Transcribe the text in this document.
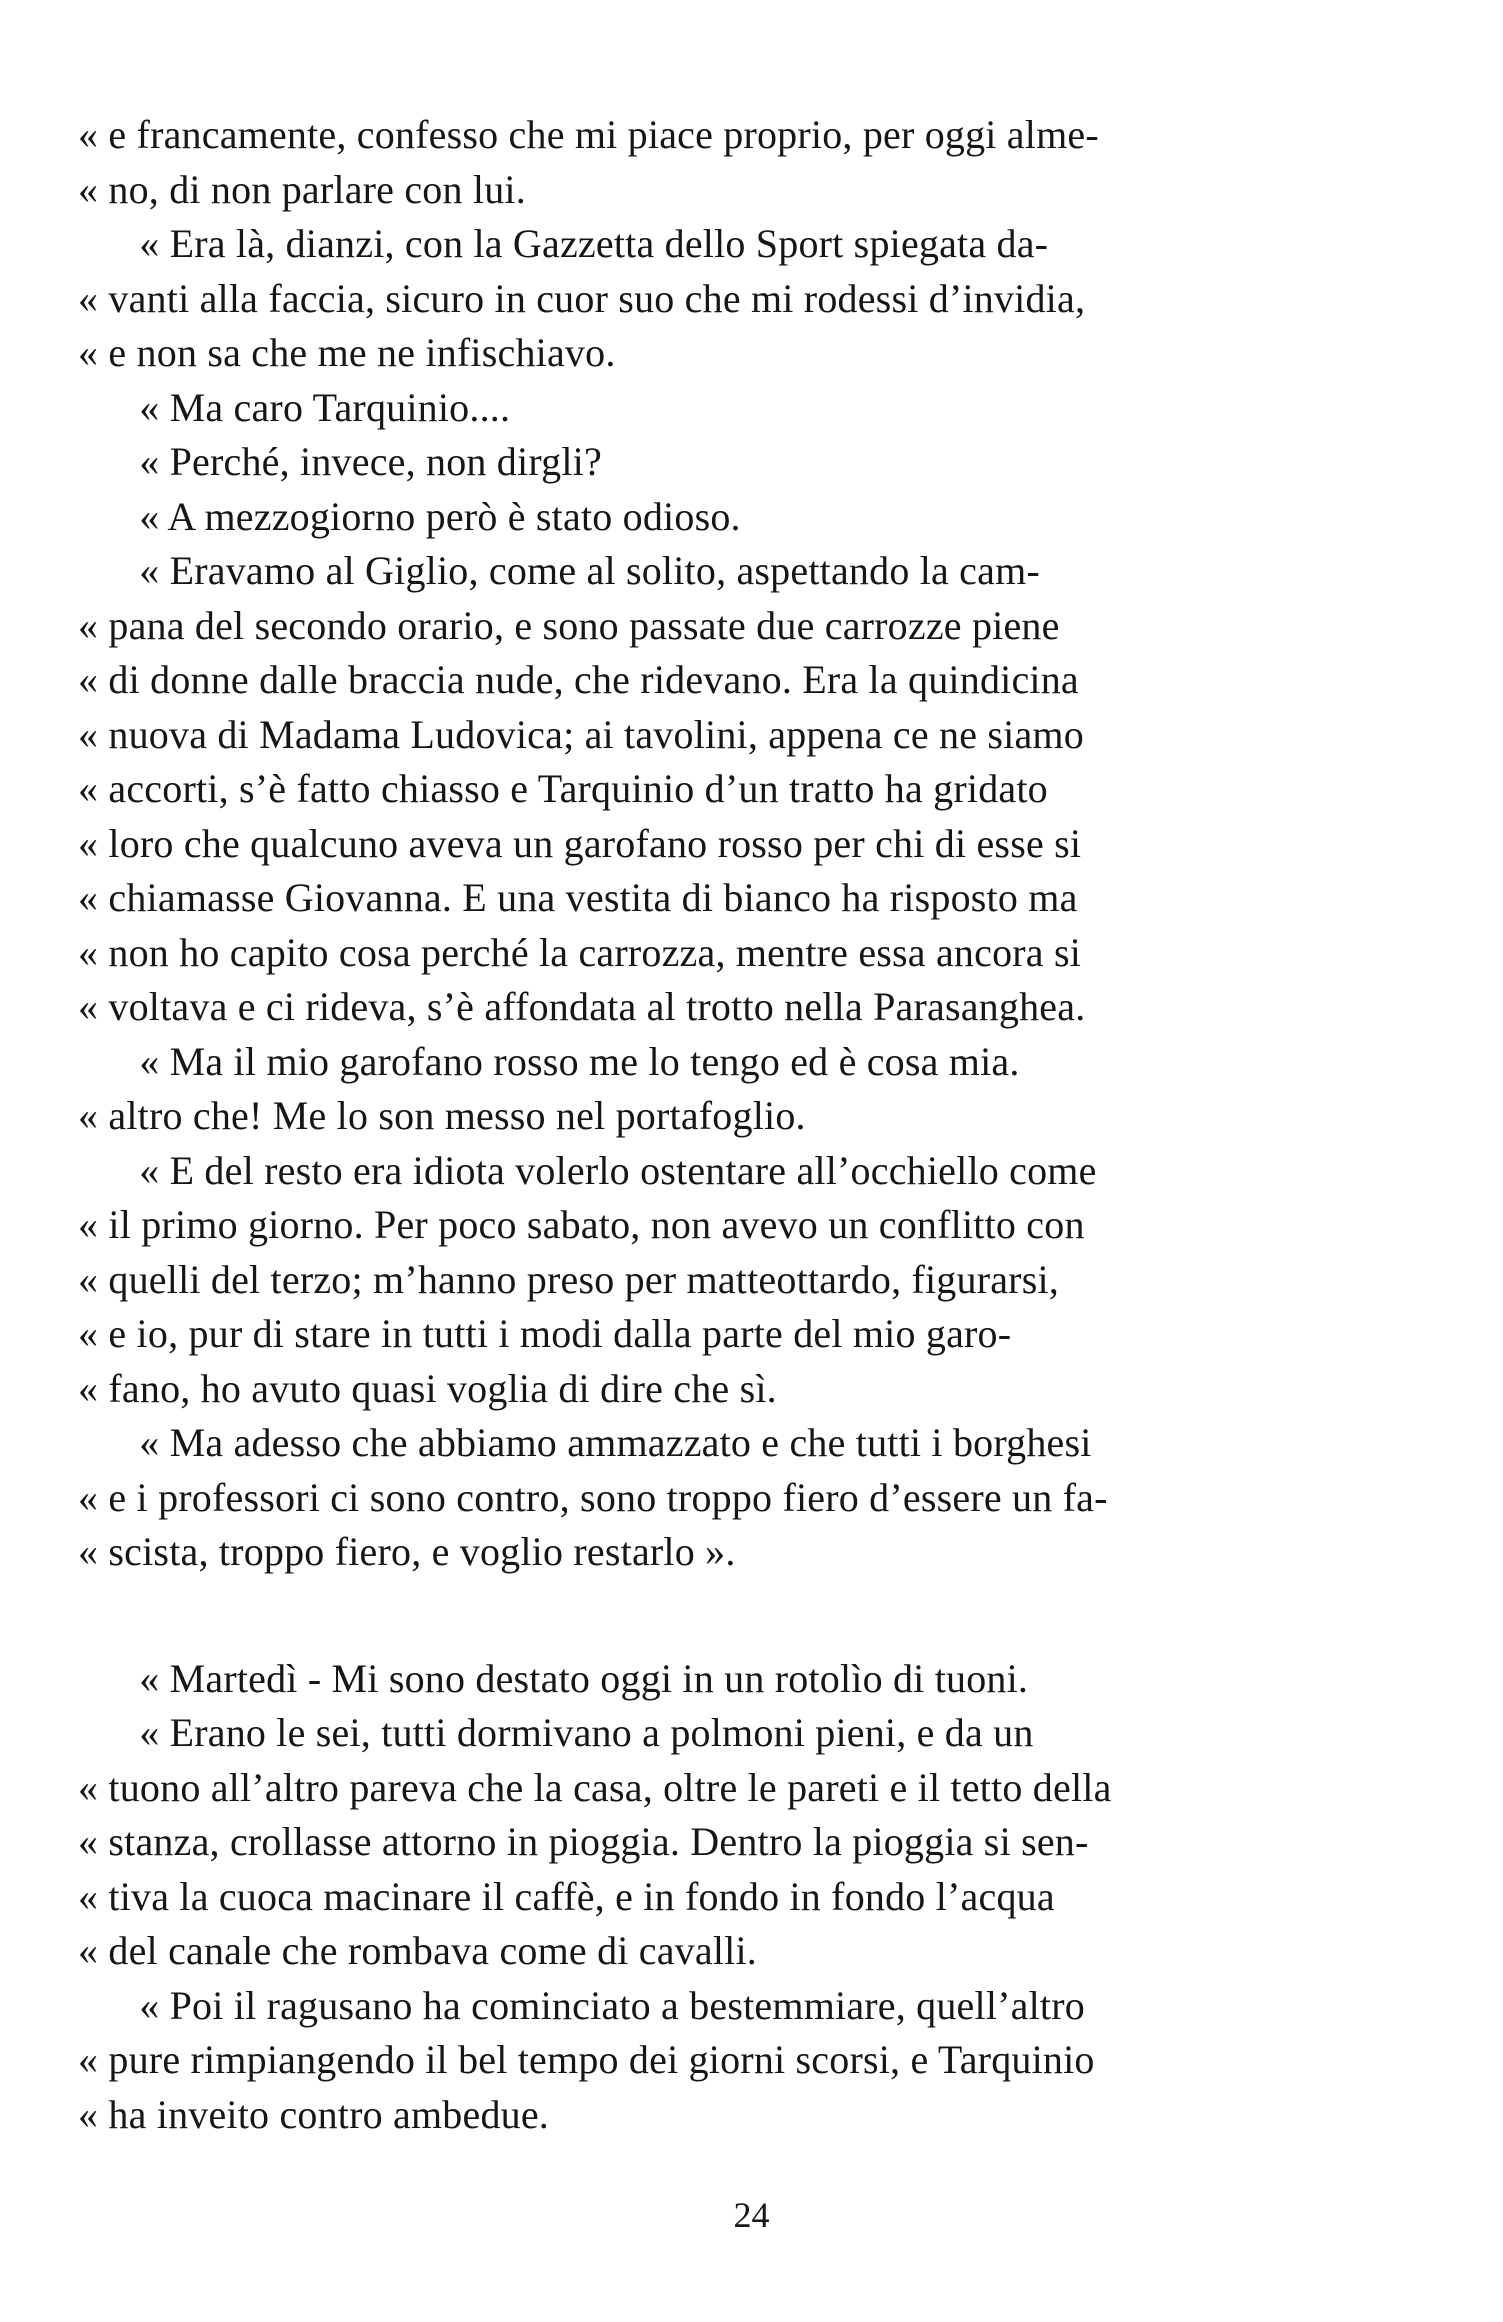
« e francamente, confesso che mi piace proprio, per oggi alme-
« no, di non parlare con lui.
« Era là, dianzi, con la Gazzetta dello Sport spiegata da-
« vanti alla faccia, sicuro in cuor suo che mi rodessi d’invidia,
« e non sa che me ne infischiavo.
« Ma caro Tarquinio....
« Perché, invece, non dirgli?
« A mezzogiorno però è stato odioso.
« Eravamo al Giglio, come al solito, aspettando la cam-
« pana del secondo orario, e sono passate due carrozze piene
« di donne dalle braccia nude, che ridevano. Era la quindicina
« nuova di Madama Ludovica; ai tavolini, appena ce ne siamo
« accorti, s’è fatto chiasso e Tarquinio d’un tratto ha gridato
« loro che qualcuno aveva un garofano rosso per chi di esse si
« chiamasse Giovanna. E una vestita di bianco ha risposto ma
« non ho capito cosa perché la carrozza, mentre essa ancora si
« voltava e ci rideva, s’è affondata al trotto nella Parasanghea.
« Ma il mio garofano rosso me lo tengo ed è cosa mia.
« altro che! Me lo son messo nel portafoglio.
« E del resto era idiota volerlo ostentare all’occhiello come
« il primo giorno. Per poco sabato, non avevo un conflitto con
« quelli del terzo; m’hanno preso per matteottardo, figurarsi,
« e io, pur di stare in tutti i modi dalla parte del mio garo-
« fano, ho avuto quasi voglia di dire che sì.
« Ma adesso che abbiamo ammazzato e che tutti i borghesi
« e i professori ci sono contro, sono troppo fiero d’essere un fa-
« scista, troppo fiero, e voglio restarlo ».
« Martedì - Mi sono destato oggi in un rotolìo di tuoni.
« Erano le sei, tutti dormivano a polmoni pieni, e da un
« tuono all’altro pareva che la casa, oltre le pareti e il tetto della
« stanza, crollasse attorno in pioggia. Dentro la pioggia si sen-
« tiva la cuoca macinare il caffè, e in fondo in fondo l’acqua
« del canale che rombava come di cavalli.
« Poi il ragusano ha cominciato a bestemmiare, quell’altro
« pure rimpiangendo il bel tempo dei giorni scorsi, e Tarquinio
« ha inveito contro ambedue.
24
